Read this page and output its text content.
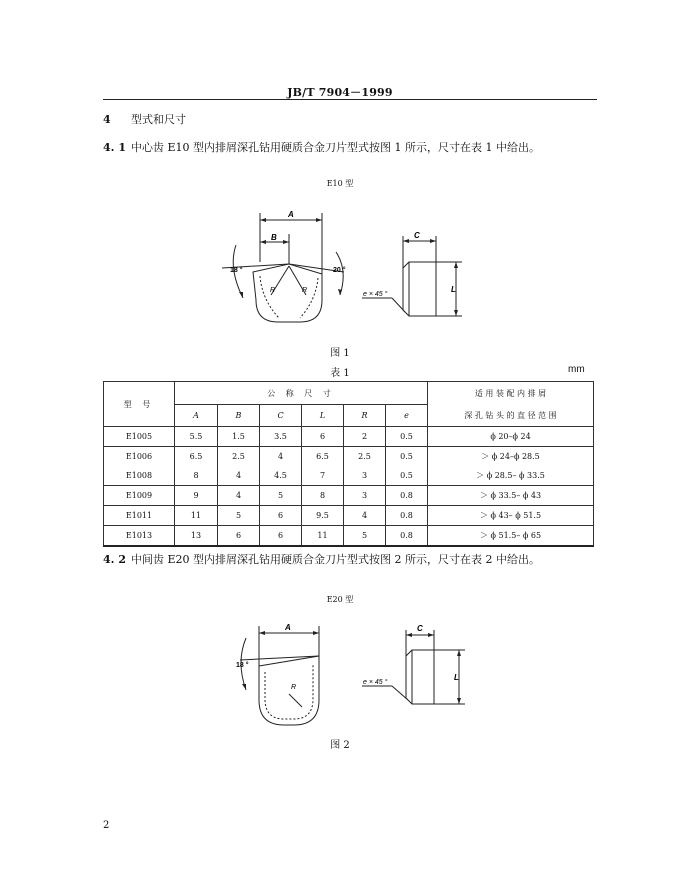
JB/T 7904－1999
4 型式和尺寸
4. 1 中心齿 E10 型内排屑深孔钻用硬质合金刀片型式按图 1 所示，尺寸在表 1 中给出。
E10 型
A
B	C
L
R	R
18 °	20 °
e × 45 °
图 1
表 1	mm
型 号	公 称 尺 寸						适 用 装 配 内 排 屑
	A	B	C	L	R	e	深 孔 钻 头 的 直 径 范 围
E1005	5.5	1.5	3.5	6	2	0.5	ϕ 20–ϕ 24
E1006	6.5	2.5	4	6.5	2.5	0.5	＞ ϕ 24–ϕ 28.5
E1008	8	4	4.5	7	3	0.5	＞ ϕ 28.5– ϕ 33.5
E1009	9	4	5	8	3	0.8	＞ ϕ 33.5– ϕ 43
E1011	11	5	6	9.5	4	0.8	＞ ϕ 43– ϕ 51.5
E1013	13	6	6	11	5	0.8	＞ ϕ 51.5– ϕ 65
4. 2 中间齿 E20 型内排屑深孔钻用硬质合金刀片型式按图 2 所示，尺寸在表 2 中给出。
E20 型
A	C
L
R
18 °
e × 45 °
图 2
2
